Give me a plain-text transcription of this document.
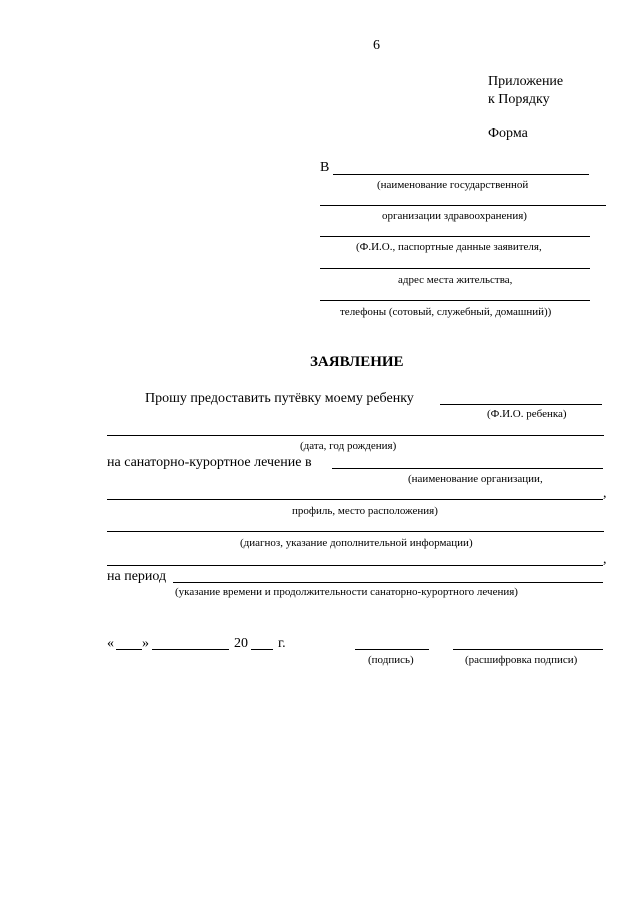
6
Приложение
к Порядку
Форма
В
(наименование государственной
организации здравоохранения)
(Ф.И.О., паспортные данные заявителя,
адрес места жительства,
телефоны (сотовый, служебный, домашний))
ЗАЯВЛЕНИЕ
Прошу предоставить путёвку моему ребенку
(Ф.И.О. ребенка)
(дата, год рождения)
на санаторно-курортное лечение в
(наименование организации,
,
профиль, место расположения)
(диагноз, указание дополнительной информации)
,
на период
(указание времени и продолжительности санаторно-курортного лечения)
« »	20 г.
(подпись)	(расшифровка подписи)
